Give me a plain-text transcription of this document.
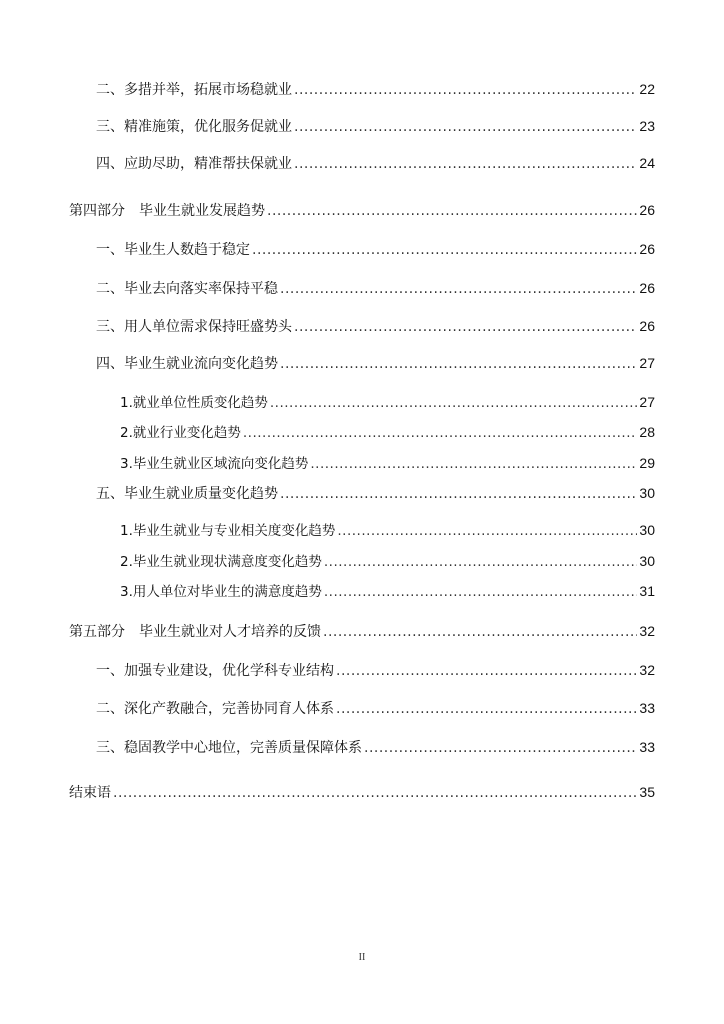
二、多措并举，拓展市场稳就业 .....	22
三、精准施策，优化服务促就业 .....	23
四、应助尽助，精准帮扶保就业 .....	24
第四部分　毕业生就业发展趋势 .....	26
一、毕业生人数趋于稳定 .....	26
二、毕业去向落实率保持平稳 .....	26
三、用人单位需求保持旺盛势头 .....	26
四、毕业生就业流向变化趋势 .....	27
1.就业单位性质变化趋势 .....	27
2.就业行业变化趋势 .....	28
3.毕业生就业区域流向变化趋势 .....	29
五、毕业生就业质量变化趋势 .....	30
1.毕业生就业与专业相关度变化趋势 .....	30
2.毕业生就业现状满意度变化趋势 .....	30
3.用人单位对毕业生的满意度趋势 .....	31
第五部分　毕业生就业对人才培养的反馈 .....	32
一、加强专业建设，优化学科专业结构 .....	32
二、深化产教融合，完善协同育人体系 .....	33
三、稳固教学中心地位，完善质量保障体系 .....	33
结束语 .....	35
II
